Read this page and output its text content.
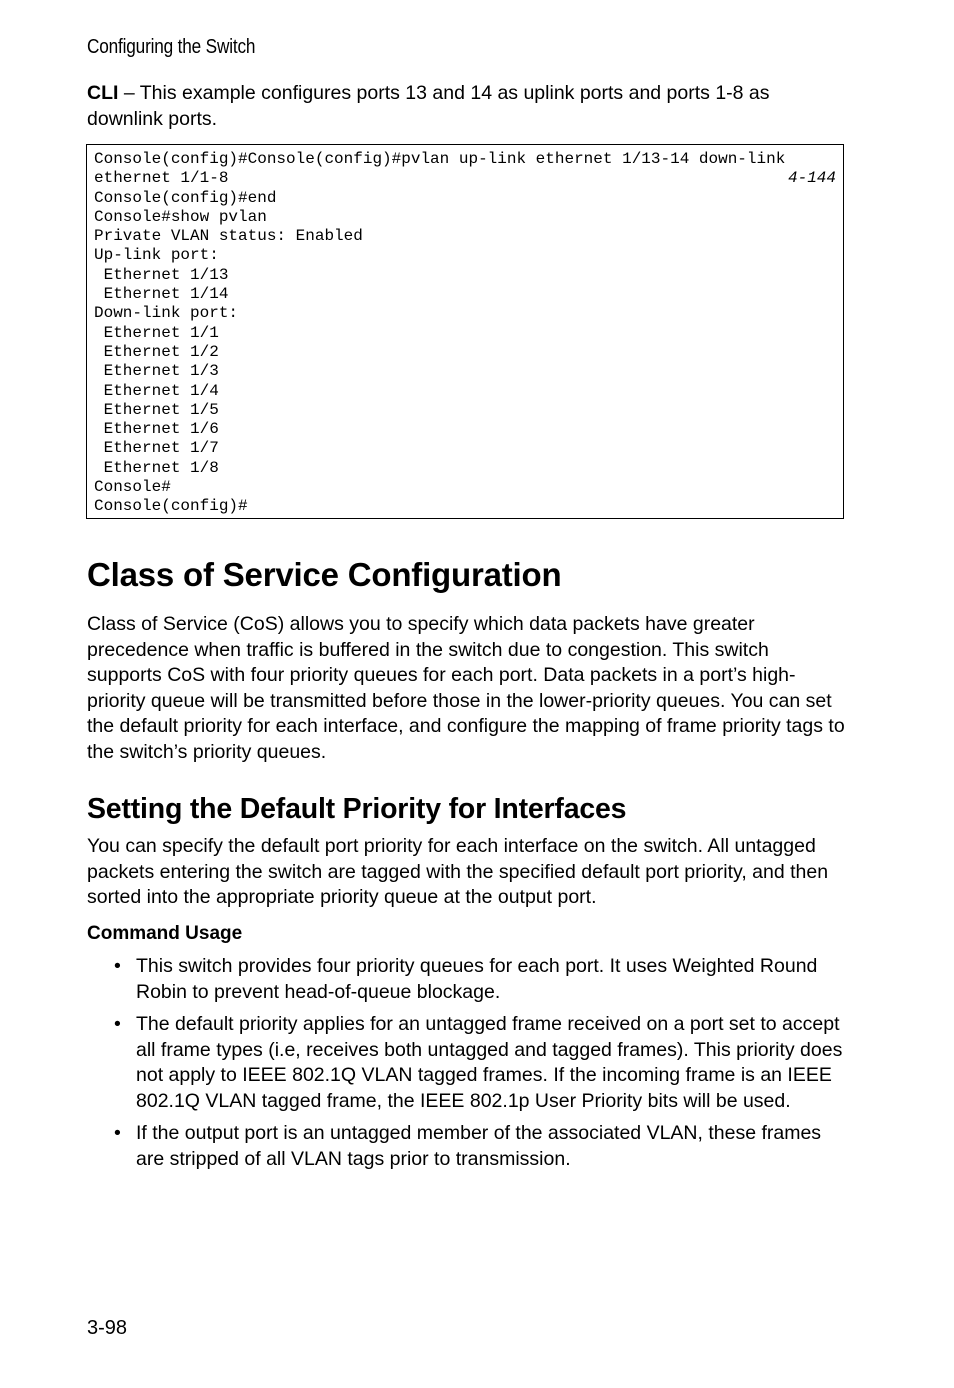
Configuring the Switch
CLI – This example configures ports 13 and 14 as uplink ports and ports 1-8 as downlink ports.
Console(config)#Console(config)#pvlan up-link ethernet 1/13-14 down-link
ethernet 1/1-8	4-144
Console(config)#end
Console#show pvlan
Private VLAN status: Enabled
Up-link port:
Ethernet 1/13
Ethernet 1/14
Down-link port:
Ethernet 1/1
Ethernet 1/2
Ethernet 1/3
Ethernet 1/4
Ethernet 1/5
Ethernet 1/6
Ethernet 1/7
Ethernet 1/8
Console#
Console(config)#
Class of Service Configuration
Class of Service (CoS) allows you to specify which data packets have greater precedence when traffic is buffered in the switch due to congestion. This switch supports CoS with four priority queues for each port. Data packets in a port’s high-priority queue will be transmitted before those in the lower-priority queues. You can set the default priority for each interface, and configure the mapping of frame priority tags to the switch’s priority queues.
Setting the Default Priority for Interfaces
You can specify the default port priority for each interface on the switch. All untagged packets entering the switch are tagged with the specified default port priority, and then sorted into the appropriate priority queue at the output port.
Command Usage
• This switch provides four priority queues for each port. It uses Weighted Round Robin to prevent head-of-queue blockage.
• The default priority applies for an untagged frame received on a port set to accept all frame types (i.e, receives both untagged and tagged frames). This priority does not apply to IEEE 802.1Q VLAN tagged frames. If the incoming frame is an IEEE 802.1Q VLAN tagged frame, the IEEE 802.1p User Priority bits will be used.
• If the output port is an untagged member of the associated VLAN, these frames are stripped of all VLAN tags prior to transmission.
3-98
